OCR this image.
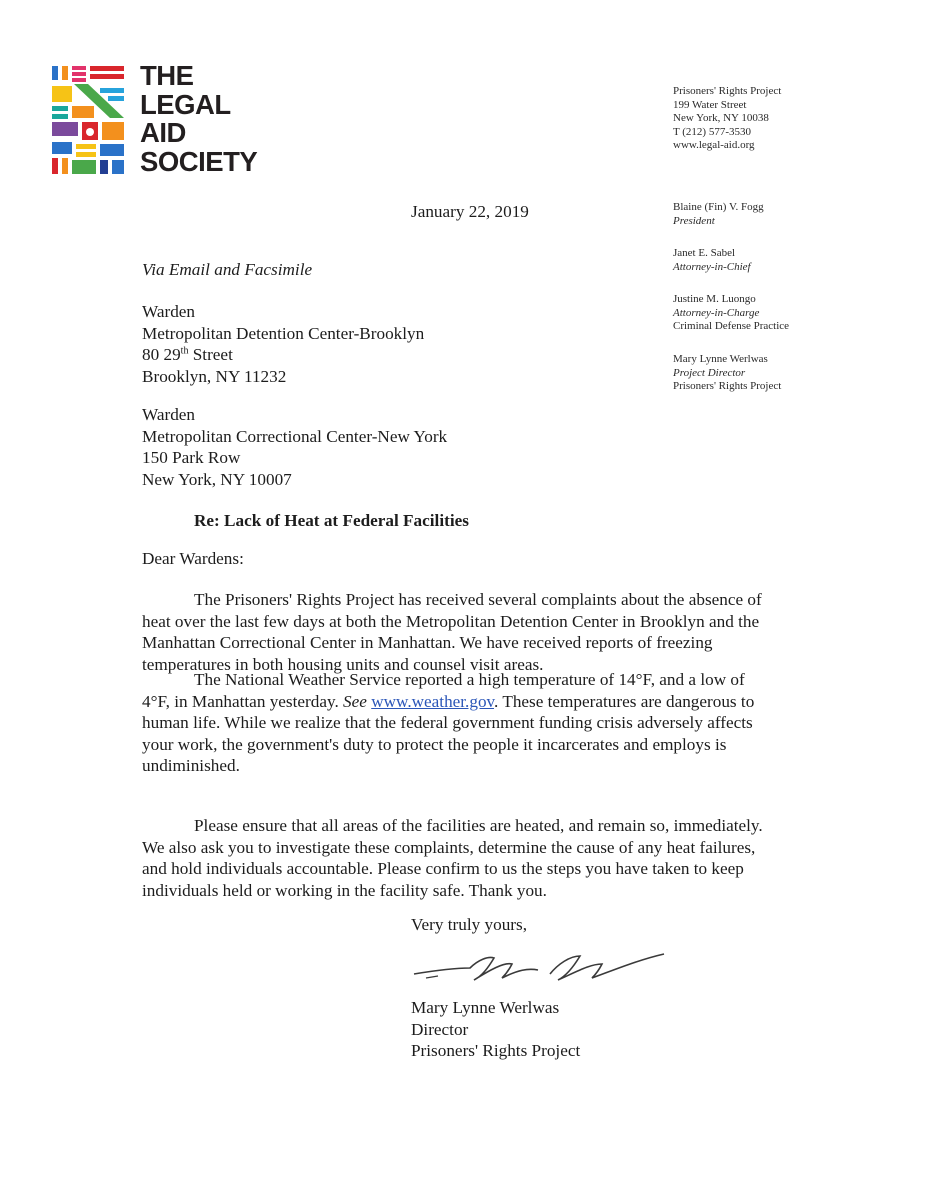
THE
LEGAL
AID
SOCIETY
Prisoners' Rights Project
199 Water Street
New York, NY 10038
T (212) 577-3530
www.legal-aid.org
Blaine (Fin) V. Fogg
President
Janet E. Sabel
Attorney-in-Chief
Justine M. Luongo
Attorney-in-Charge
Criminal Defense Practice
Mary Lynne Werlwas
Project Director
Prisoners' Rights Project
January 22, 2019
Via Email and Facsimile
Warden
Metropolitan Detention Center-Brooklyn
80 29th Street
Brooklyn, NY 11232
Warden
Metropolitan Correctional Center-New York
150 Park Row
New York, NY 10007
Re: Lack of Heat at Federal Facilities
Dear Wardens:
The Prisoners' Rights Project has received several complaints about the absence of
heat over the last few days at both the Metropolitan Detention Center in Brooklyn and the
Manhattan Correctional Center in Manhattan. We have received reports of freezing
temperatures in both housing units and counsel visit areas.
The National Weather Service reported a high temperature of 14°F, and a low of
4°F, in Manhattan yesterday. See www.weather.gov. These temperatures are dangerous to
human life. While we realize that the federal government funding crisis adversely affects
your work, the government's duty to protect the people it incarcerates and employs is
undiminished.
Please ensure that all areas of the facilities are heated, and remain so, immediately.
We also ask you to investigate these complaints, determine the cause of any heat failures,
and hold individuals accountable. Please confirm to us the steps you have taken to keep
individuals held or working in the facility safe. Thank you.
Very truly yours,
Mary Lynne Werlwas
Director
Prisoners' Rights Project
